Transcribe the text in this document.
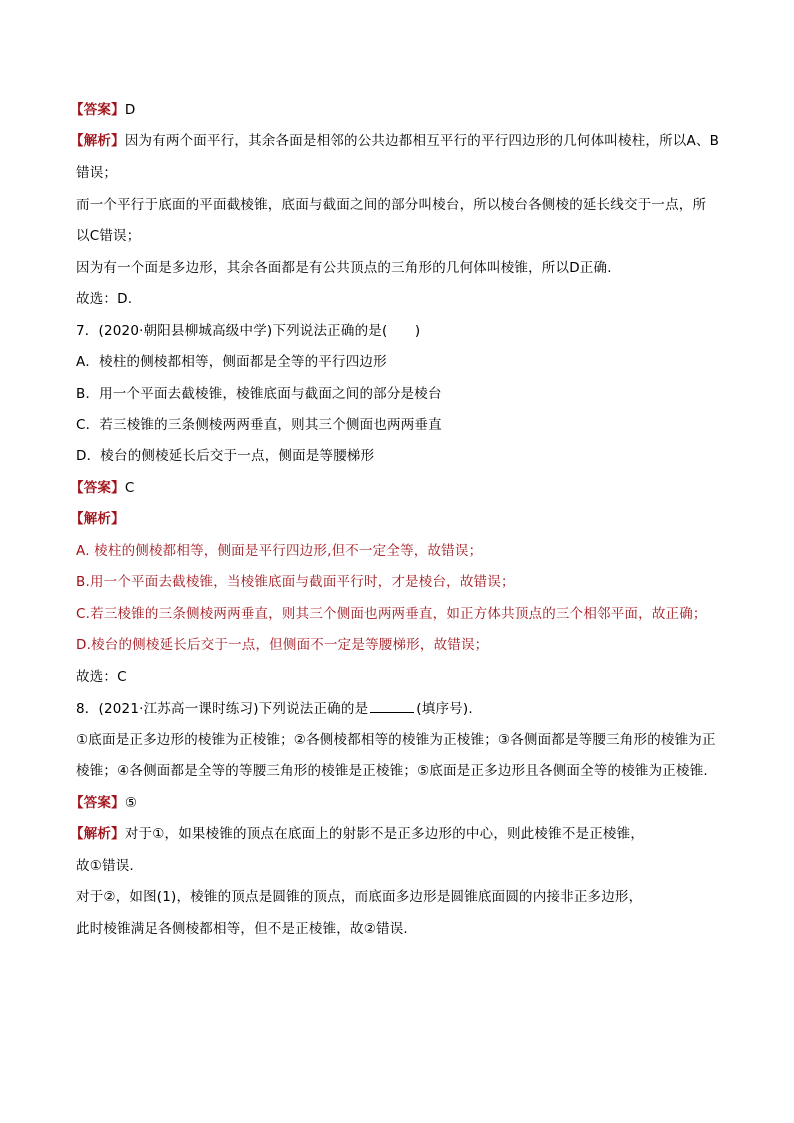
【答案】D
【解析】因为有两个面平行，其余各面是相邻的公共边都相互平行的平行四边形的几何体叫棱柱，所以A、B
错误；
而一个平行于底面的平面截棱锥，底面与截面之间的部分叫棱台，所以棱台各侧棱的延长线交于一点，所
以C错误；
因为有一个面是多边形，其余各面都是有公共顶点的三角形的几何体叫棱锥，所以D正确.
故选：D.
7．(2020·朝阳县柳城高级中学)下列说法正确的是(　　)
A．棱柱的侧棱都相等，侧面都是全等的平行四边形
B．用一个平面去截棱锥，棱锥底面与截面之间的部分是棱台
C．若三棱锥的三条侧棱两两垂直，则其三个侧面也两两垂直
D．棱台的侧棱延长后交于一点，侧面是等腰梯形
【答案】C
【解析】
A. 棱柱的侧棱都相等，侧面是平行四边形,但不一定全等，故错误；
B.用一个平面去截棱锥，当棱锥底面与截面平行时，才是棱台，故错误；
C.若三棱锥的三条侧棱两两垂直，则其三个侧面也两两垂直，如正方体共顶点的三个相邻平面，故正确；
D.棱台的侧棱延长后交于一点，但侧面不一定是等腰梯形，故错误；
故选：C
8．(2021·江苏高一课时练习)下列说法正确的是	(填序号).
①底面是正多边形的棱锥为正棱锥；②各侧棱都相等的棱锥为正棱锥；③各侧面都是等腰三角形的棱锥为正
棱锥；④各侧面都是全等的等腰三角形的棱锥是正棱锥；⑤底面是正多边形且各侧面全等的棱锥为正棱锥.
【答案】⑤
【解析】对于①，如果棱锥的顶点在底面上的射影不是正多边形的中心，则此棱锥不是正棱锥，
故①错误.
对于②，如图(1)，棱锥的顶点是圆锥的顶点，而底面多边形是圆锥底面圆的内接非正多边形，
此时棱锥满足各侧棱都相等，但不是正棱锥，故②错误.
